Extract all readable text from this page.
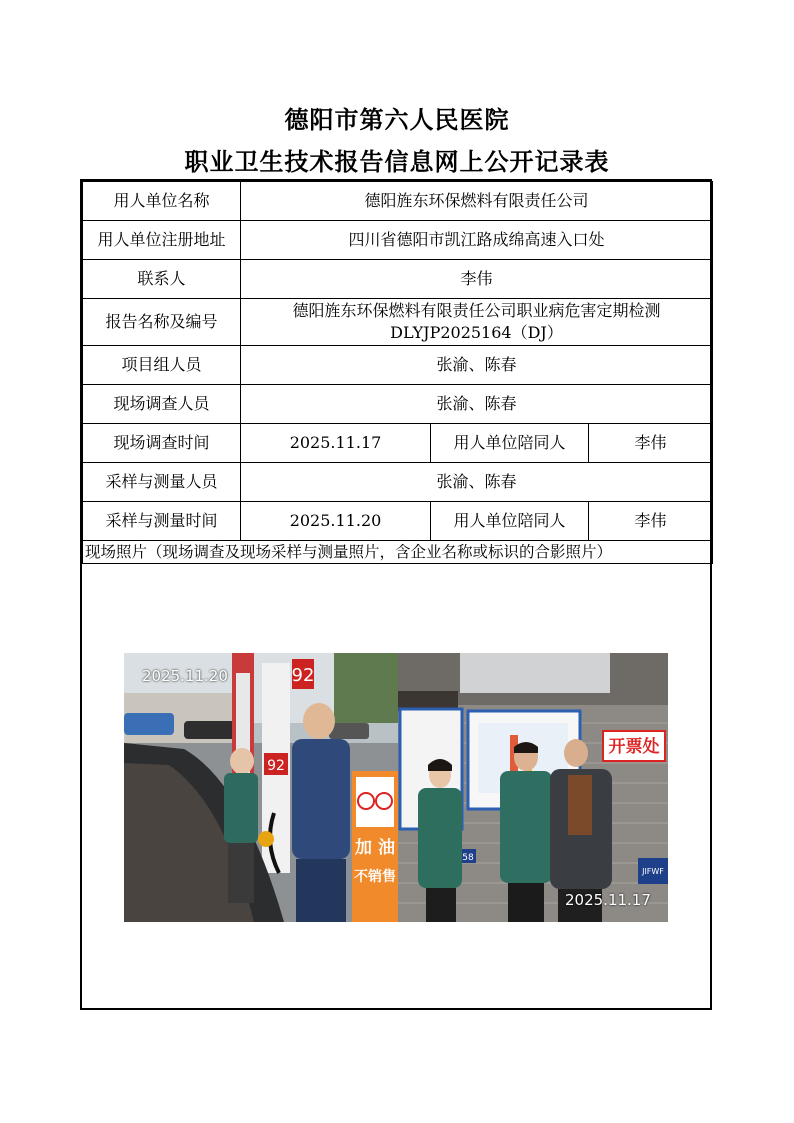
德阳市第六人民医院
职业卫生技术报告信息网上公开记录表
用人单位名称	德阳旌东环保燃料有限责任公司		
用人单位注册地址	四川省德阳市凯江路成绵高速入口处		
联系人	李伟		
报告名称及编号	德阳旌东环保燃料有限责任公司职业病危害定期检测
DLYJP2025164（DJ）		

项目组人员	张渝、陈春		
现场调查人员	张渝、陈春		
现场调查时间	2025.11.17	用人单位陪同人	李伟
采样与测量人员	张渝、陈春		
采样与测量时间	2025.11.20	用人单位陪同人	李伟
现场照片（现场调查及现场采样与测量照片，含企业名称或标识的合影照片）			
92
92
加 油
不销售
2025.11.20
开票处
58
JIFWF
2025.11.17
